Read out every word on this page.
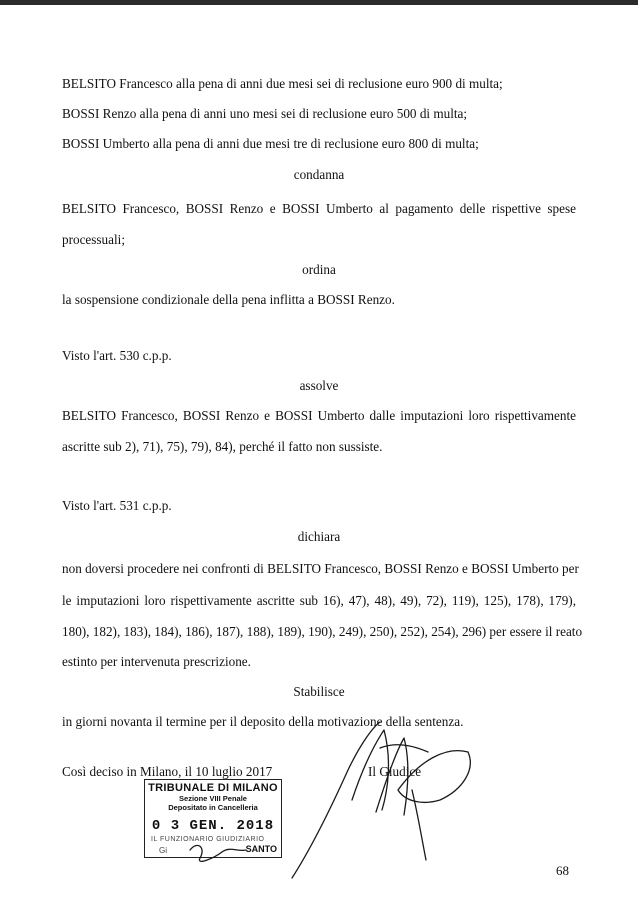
BELSITO Francesco alla pena di anni due mesi sei di reclusione euro 900 di multa;
BOSSI Renzo alla pena di anni uno mesi sei di reclusione euro 500 di multa;
BOSSI Umberto alla pena di anni due mesi tre di reclusione euro 800 di multa;
condanna
BELSITO Francesco, BOSSI Renzo e BOSSI Umberto al pagamento delle rispettive spese
processuali;
ordina
la sospensione condizionale della pena inflitta a BOSSI Renzo.
Visto l'art. 530 c.p.p.
assolve
BELSITO Francesco, BOSSI Renzo e BOSSI Umberto dalle imputazioni loro rispettivamente
ascritte sub 2), 71), 75), 79), 84), perché il fatto non sussiste.
Visto l'art. 531 c.p.p.
dichiara
non doversi procedere nei confronti di BELSITO Francesco, BOSSI Renzo e BOSSI Umberto per
le imputazioni loro rispettivamente ascritte sub 16), 47), 48), 49), 72), 119), 125), 178), 179),
180), 182), 183), 184), 186), 187), 188), 189), 190), 249), 250), 252), 254), 296) per essere il reato
estinto per intervenuta prescrizione.
Stabilisce
in giorni novanta il termine per il deposito della motivazione della sentenza.
Così deciso in Milano, il 10 luglio 2017	Il Giudice
TRIBUNALE DI MILANO
Sezione VIII Penale
Depositato in Cancelleria
0 3 GEN. 2018
IL FUNZIONARIO GIUDIZIARIO
Gi	SANTO
68
